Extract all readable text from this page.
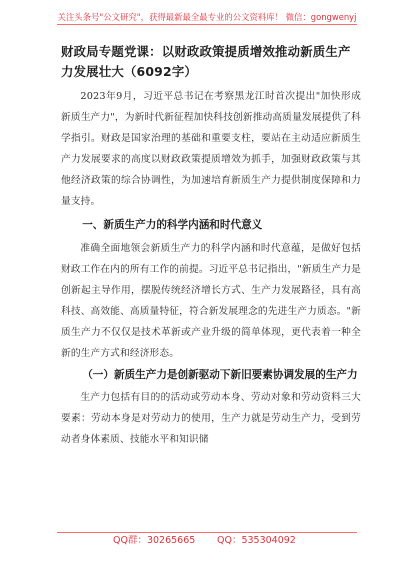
关注头条号"公文研究"，获得最新最全最专业的公文资料库！ 微信：gongwenyj

财政局专题党课：以财政政策提质增效推动新质生产力发展壮大（6092字）

2023年9月，习近平总书记在考察黑龙江时首次提出"加快形成新质生产力"，为新时代新征程加快科技创新推动高质量发展提供了科学指引。财政是国家治理的基础和重要支柱，要站在主动适应新质生产力发展要求的高度以财政政策提质增效为抓手，加强财政政策与其他经济政策的综合协调性，为加速培育新质生产力提供制度保障和力量支持。

一、新质生产力的科学内涵和时代意义

准确全面地领会新质生产力的科学内涵和时代意蕴，是做好包括财政工作在内的所有工作的前提。习近平总书记指出，"新质生产力是创新起主导作用，摆脱传统经济增长方式、生产力发展路径，具有高科技、高效能、高质量特征，符合新发展理念的先进生产力质态。"新质生产力不仅仅是技术革新或产业升级的简单体现，更代表着一种全新的生产方式和经济形态。

（一）新质生产力是创新驱动下新旧要素协调发展的生产力

生产力包括有目的的活动或劳动本身、劳动对象和劳动资料三大要素：劳动本身是对劳动力的使用，生产力就是劳动生产力，受到劳动者身体素质、技能水平和知识储

QQ群：30265665 QQ：535304092
